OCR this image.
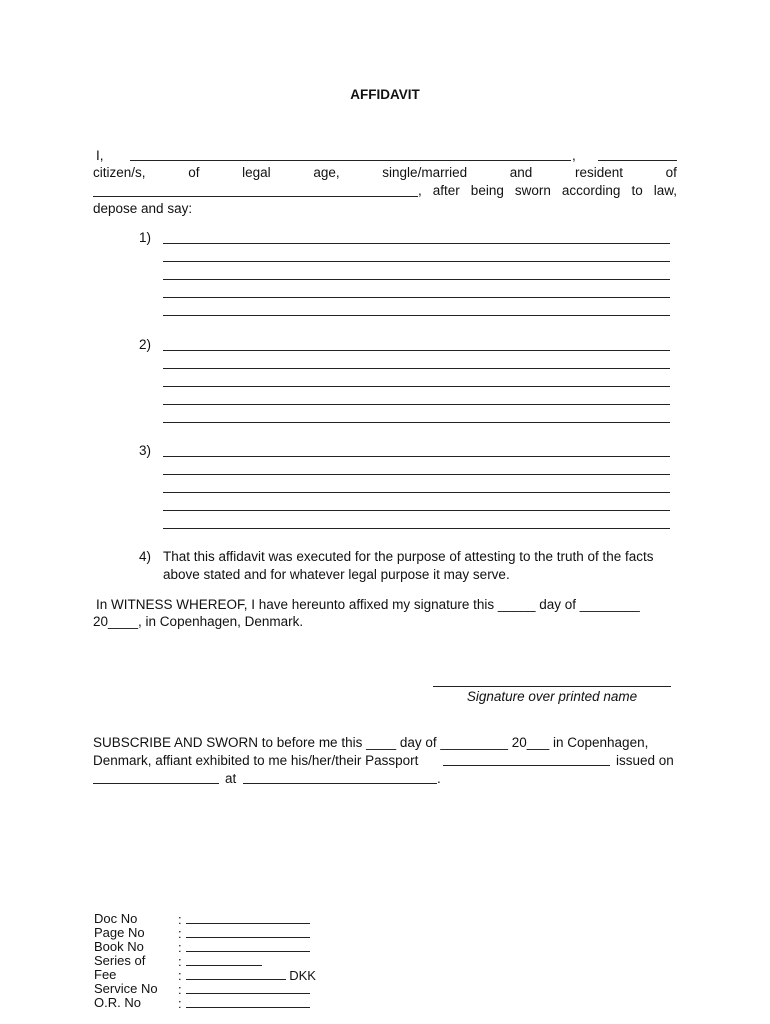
AFFIDAVIT
I,	,
citizen/s,	of	legal	age,	single/married	and	resident	of
, after being sworn according to law,
depose and say:
1)
2)
3)
4) That this affidavit was executed for the purpose of attesting to the truth of the facts
above stated and for whatever legal purpose it may serve.
In WITNESS WHEREOF, I have hereunto affixed my signature this _____ day of ________
20____, in Copenhagen, Denmark.
Signature over printed name
SUBSCRIBE AND SWORN to before me this ____ day of _________ 20___ in Copenhagen,
Denmark, affiant exhibited to me his/her/their Passport	issued on
at	.
Doc No	:
Page No	:
Book No	:
Series of	:
Fee	:	DKK
Service No :
O.R. No	:
